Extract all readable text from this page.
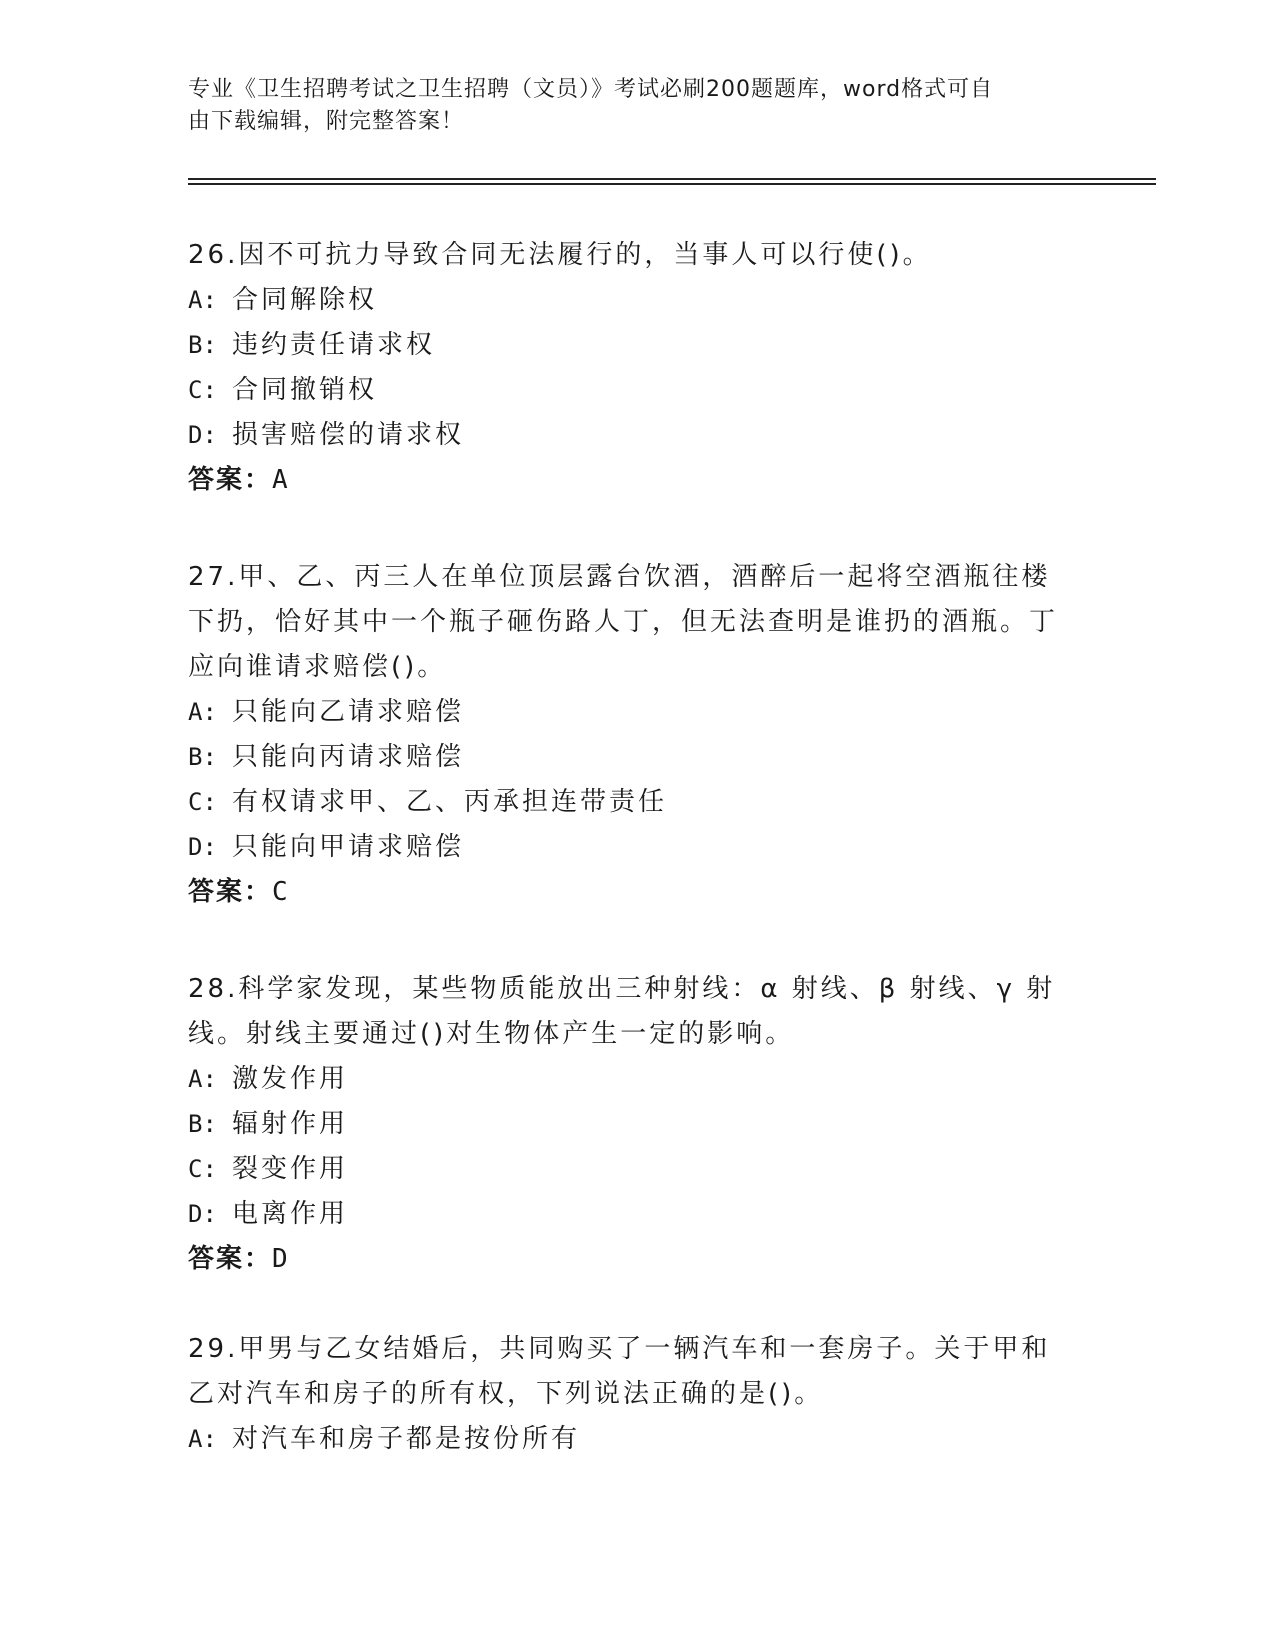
专业《卫生招聘考试之卫生招聘（文员）》考试必刷200题题库，word格式可自
由下载编辑，附完整答案！
26.因不可抗力导致合同无法履行的，当事人可以行使()。
A: 合同解除权
B: 违约责任请求权
C: 合同撤销权
D: 损害赔偿的请求权
答案：A
27.甲、乙、丙三人在单位顶层露台饮酒，酒醉后一起将空酒瓶往楼下扔，恰好其中一个瓶子砸伤路人丁，但无法查明是谁扔的酒瓶。丁应向谁请求赔偿()。
A: 只能向乙请求赔偿
B: 只能向丙请求赔偿
C: 有权请求甲、乙、丙承担连带责任
D: 只能向甲请求赔偿
答案：C
28.科学家发现，某些物质能放出三种射线：α 射线、β 射线、γ 射线。射线主要通过()对生物体产生一定的影响。
A: 激发作用
B: 辐射作用
C: 裂变作用
D: 电离作用
答案：D
29.甲男与乙女结婚后，共同购买了一辆汽车和一套房子。关于甲和乙对汽车和房子的所有权，下列说法正确的是()。
A: 对汽车和房子都是按份所有
